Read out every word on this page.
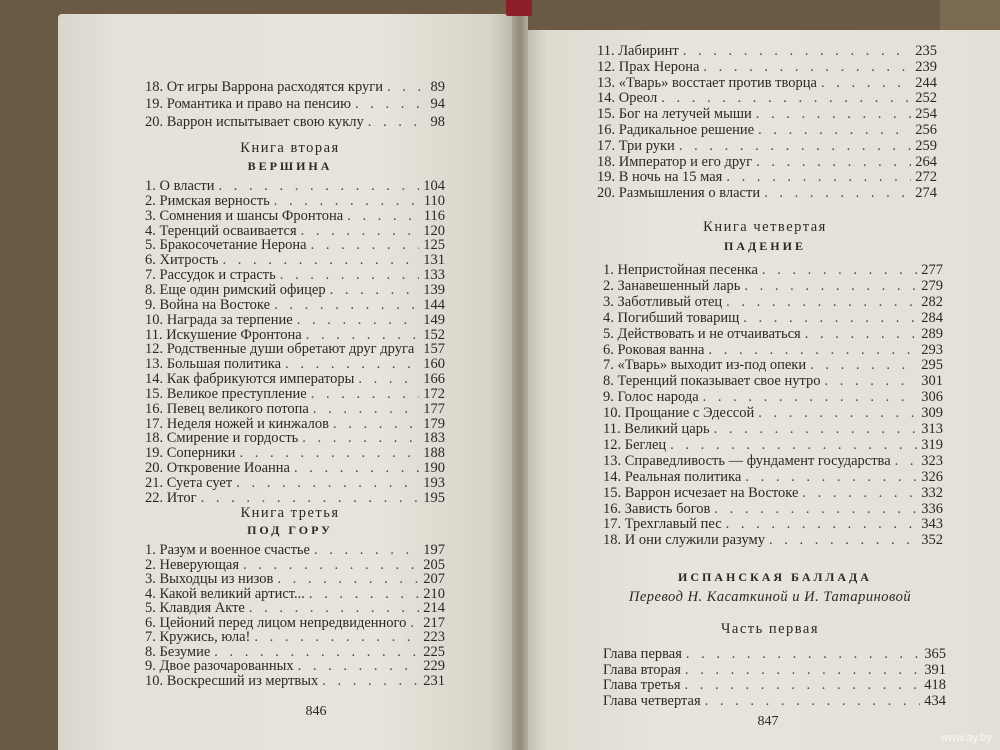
18. От игры Варрона расходятся круги . . .	89
19. Романтика и право на пенсию . . .	94
20. Варрон испытывает свою куклу . . .	98
1. О власти . . .	104
2. Римская верность . . .	110
3. Сомнения и шансы Фронтона . . .	116
4. Теренций осваивается . . .	120
5. Бракосочетание Нерона . . .	125
6. Хитрость . . .	131
7. Рассудок и страсть . . .	133
8. Еще один римский офицер . . .	139
9. Война на Востоке . . .	144
10. Награда за терпение . . .	149
11. Искушение Фронтона . . .	152
12. Родственные души обретают друг друга . . . 157
13. Большая политика . . .	160
14. Как фабрикуются императоры . . .	166
15. Великое преступление . . .	172
16. Певец великого потопа . . .	177
17. Неделя ножей и кинжалов . . .	179
18. Смирение и гордость . . .	183
19. Соперники . . .	188
20. Откровение Иоанна . . .	190
21. Суета сует . . .	193
22. Итог . . .	195
1. Разум и военное счастье . . .	197
2. Неверующая . . .	205
3. Выходцы из низов . . .	207
4. Какой великий артист... . . .	210
5. Клавдия Акте . . .	214
6. Цейоний перед лицом непредвиденного . . . 217
7. Кружись, юла! . . .	223
8. Безумие . . .	225
9. Двое разочарованных . . .	229
10. Воскресший из мертвых . . .	231
11. Лабиринт . . .	235
12. Прах Нерона . . .	239
13. «Тварь» восстает против творца . . .	244
14. Ореол . . .	252
15. Бог на летучей мыши . . .	254
16. Радикальное решение . . .	256
17. Три руки . . .	259
18. Император и его друг . . .	264
19. В ночь на 15 мая . . .	272
20. Размышления о власти . . .	274
1. Непристойная песенка . . .	277
2. Занавешенный ларь . . .	279
3. Заботливый отец . . .	282
4. Погибший товарищ . . .	284
5. Действовать и не отчаиваться . . .	289
6. Роковая ванна . . .	293
7. «Тварь» выходит из-под опеки . . .	295
8. Теренций показывает свое нутро . . .	301
9. Голос народа . . .	306
10. Прощание с Эдессой . . .	309
11. Великий царь . . .	313
12. Беглец . . .	319
13. Справедливость — фундамент государства . . . 323
14. Реальная политика . . .	326
15. Варрон исчезает на Востоке . . .	332
16. Зависть богов . . .	336
17. Трехглавый пес . . .	343
18. И они служили разуму . . .	352
Глава первая . . .	365
Глава вторая . . .	391
Глава третья . . .	418
Глава четвертая . . .	434
Книга вторая
ВЕРШИНА
Книга третья
ПОД ГОРУ
846
Книга четвертая
ПАДЕНИЕ
ИСПАНСКАЯ БАЛЛАДА
Перевод Н. Касаткиной и И. Татариновой
Часть первая
847
www.ay.by
